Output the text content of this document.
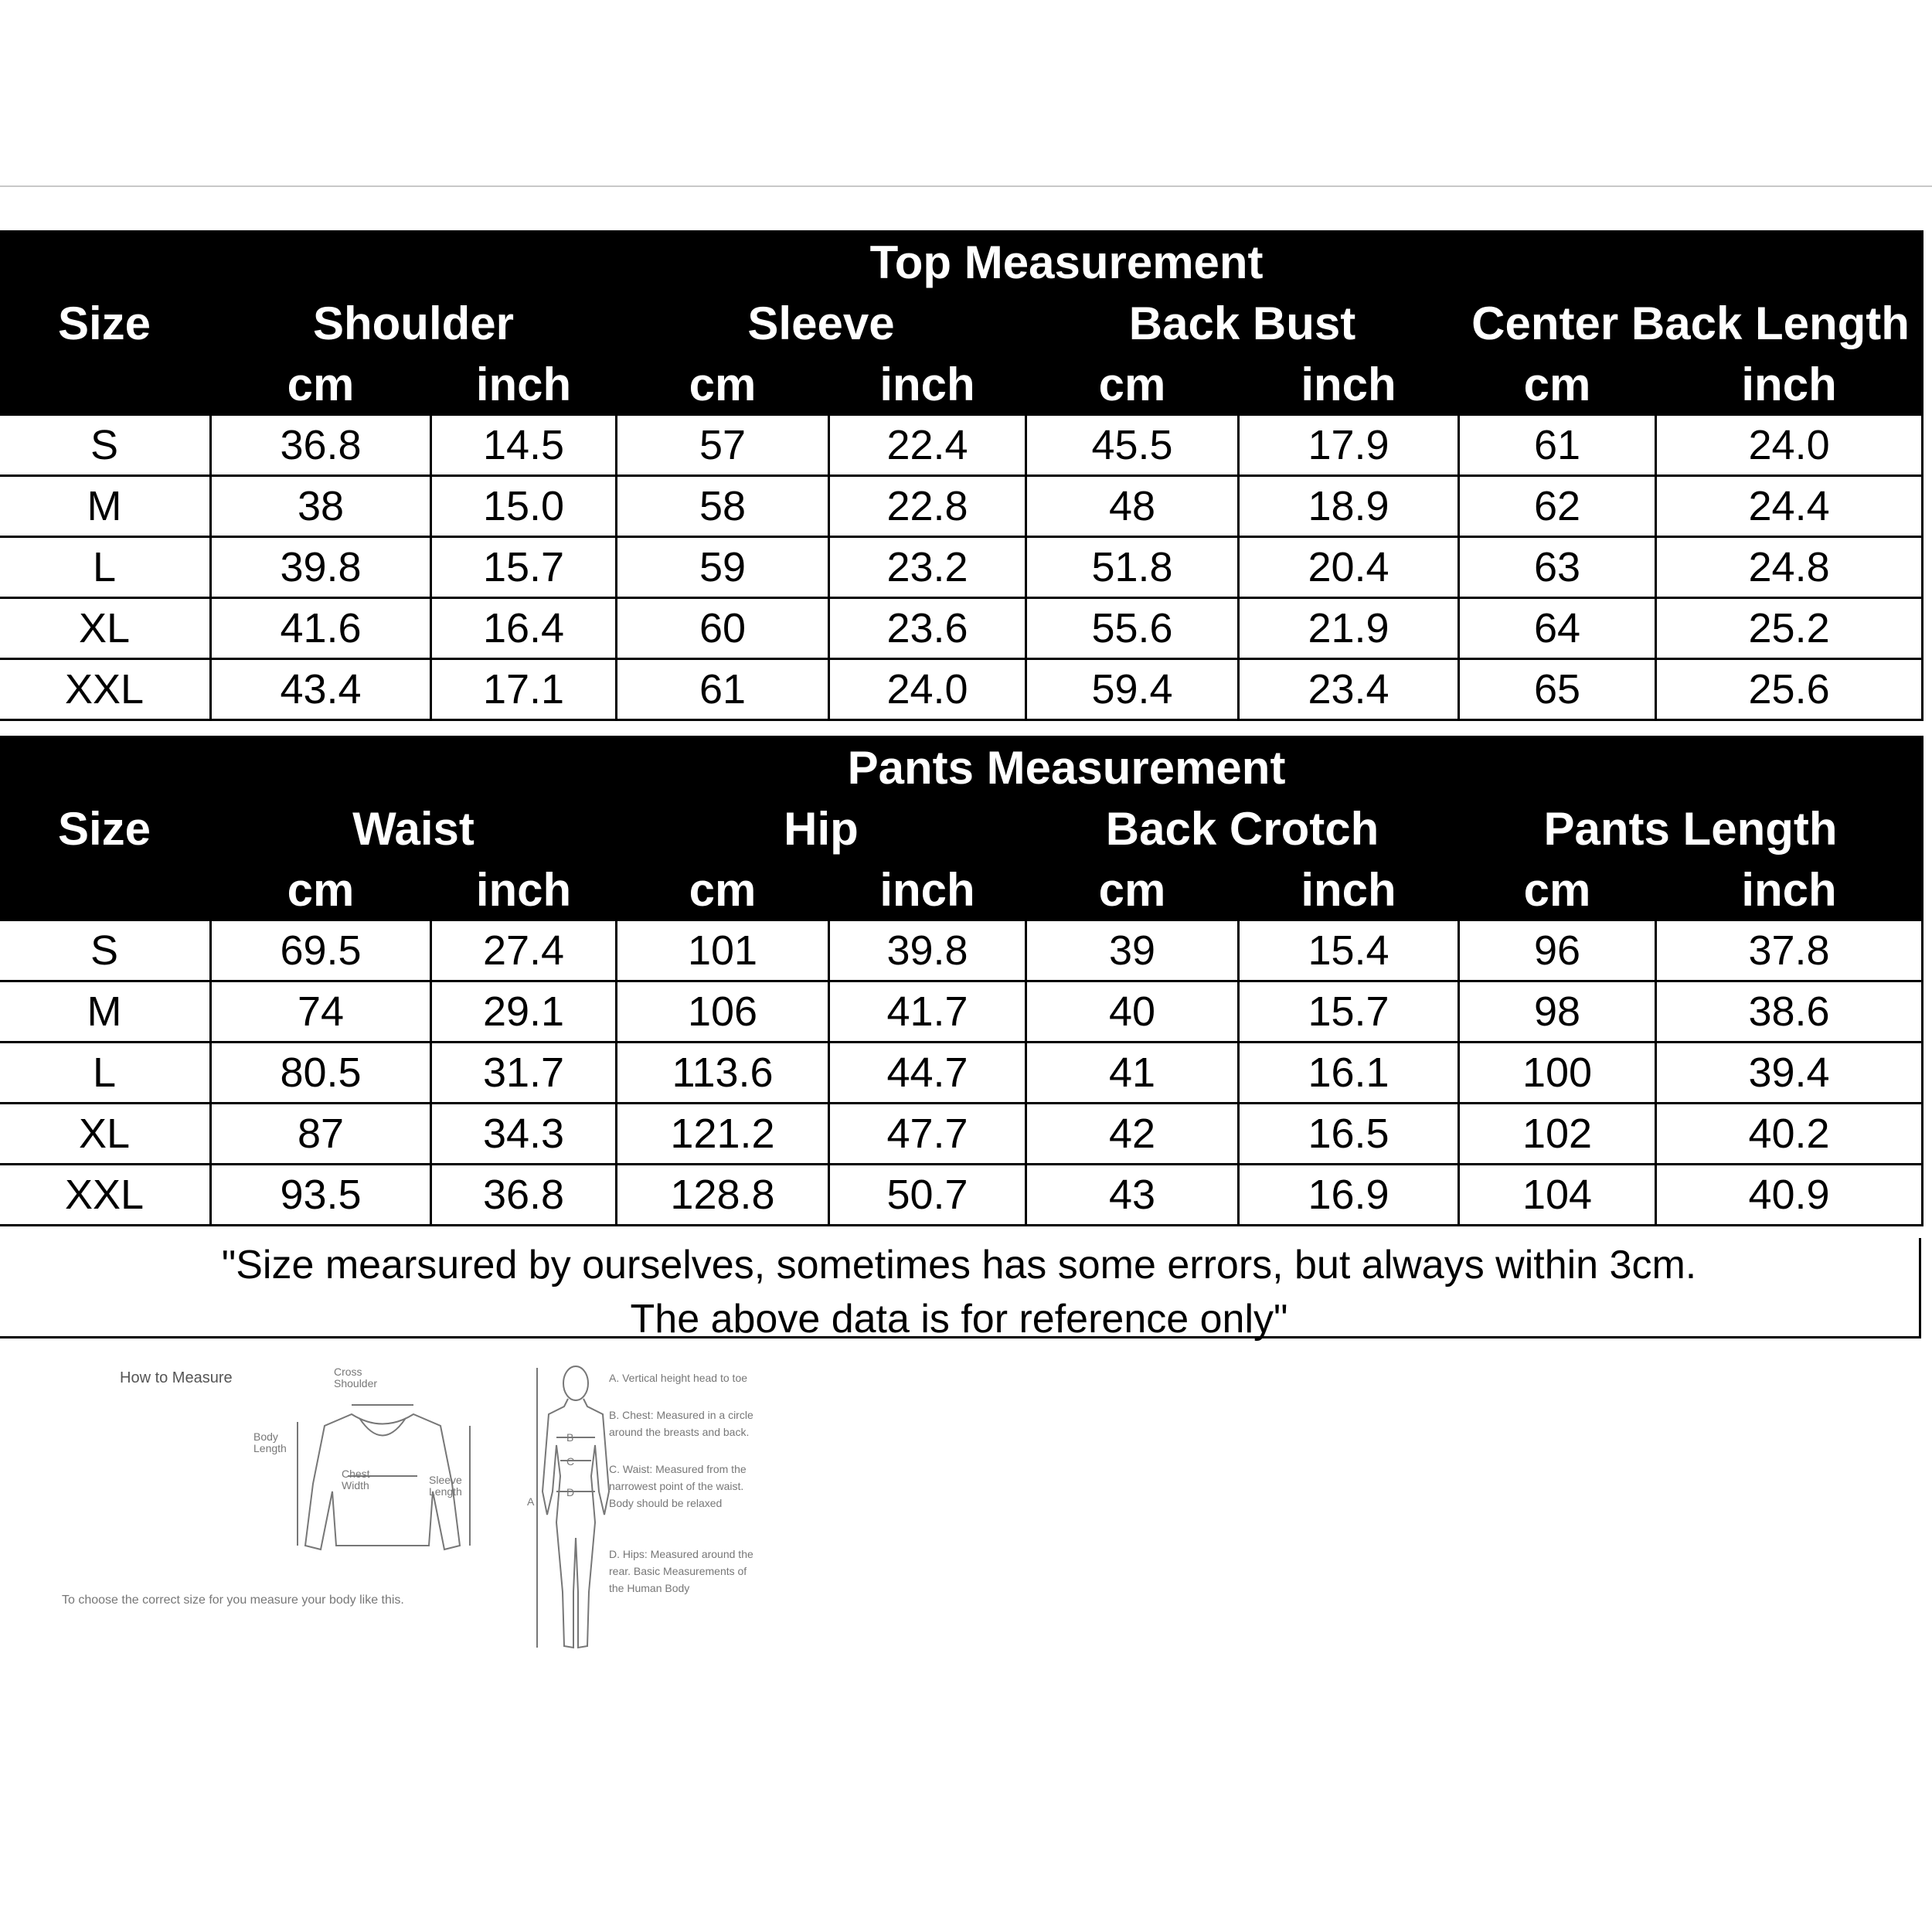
Size	Top Measurement							
	Shoulder		Sleeve		Back Bust		Center Back Length	
	cm	inch	cm	inch	cm	inch	cm	inch
S	36.8	14.5	57	22.4	45.5	17.9	61	24.0
M	38	15.0	58	22.8	48	18.9	62	24.4
L	39.8	15.7	59	23.2	51.8	20.4	63	24.8
XL	41.6	16.4	60	23.6	55.6	21.9	64	25.2
XXL	43.4	17.1	61	24.0	59.4	23.4	65	25.6
Size	Pants Measurement							
	Waist		Hip		Back Crotch		Pants Length	
	cm	inch	cm	inch	cm	inch	cm	inch
S	69.5	27.4	101	39.8	39	15.4	96	37.8
M	74	29.1	106	41.7	40	15.7	98	38.6
L	80.5	31.7	113.6	44.7	41	16.1	100	39.4
XL	87	34.3	121.2	47.7	42	16.5	102	40.2
XXL	93.5	36.8	128.8	50.7	43	16.9	104	40.9
"Size mearsured by ourselves, sometimes has some errors, but always within 3cm.
The above data is for reference only"
How to Measure	Cross Shoulder
Body Length
Chest Width	Sleeve Length
To choose the correct size for you measure your body like this.
B
C
D
A
A. Vertical height head to toe
B. Chest: Measured in a circle around the breasts and back.
C. Waist: Measured from the narrowest point of the waist. Body should be relaxed
D. Hips: Measured around the rear. Basic Measurements of the Human Body
